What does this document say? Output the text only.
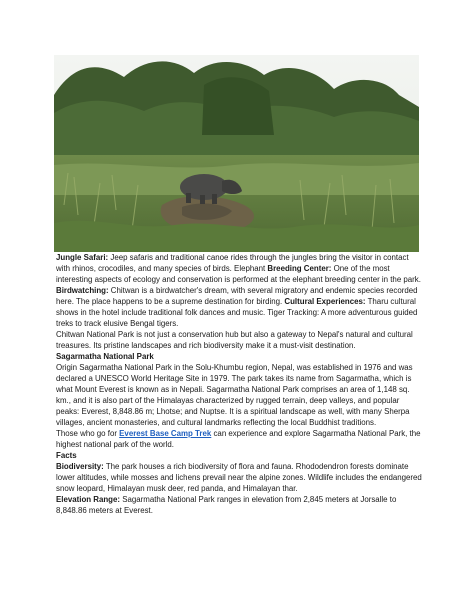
Jungle Safari: Jeep safaris and traditional canoe rides through the jungles bring the visitor in contact with rhinos, crocodiles, and many species of birds. Elephant Breeding Center: One of the most interesting aspects of ecology and conservation is performed at the elephant breeding center in the park.

Birdwatching: Chitwan is a birdwatcher's dream, with several migratory and endemic species recorded here. The place happens to be a supreme destination for birding. Cultural Experiences: Tharu cultural shows in the hotel include traditional folk dances and music. Tiger Tracking: A more adventurous guided treks to track elusive Bengal tigers.

Chitwan National Park is not just a conservation hub but also a gateway to Nepal's natural and cultural treasures. Its pristine landscapes and rich biodiversity make it a must-visit destination.

Sagarmatha National Park

Origin Sagarmatha National Park in the Solu-Khumbu region, Nepal, was established in 1976 and was declared a UNESCO World Heritage Site in 1979. The park takes its name from Sagarmatha, which is what Mount Everest is known as in Nepali. Sagarmatha National Park comprises an area of 1,148 sq. km., and it is also part of the Himalayas characterized by rugged terrain, deep valleys, and popular peaks: Everest, 8,848.86 m; Lhotse; and Nuptse. It is a spiritual landscape as well, with many Sherpa villages, ancient monasteries, and cultural landmarks reflecting the local Buddhist traditions.

Those who go for Everest Base Camp Trek can experience and explore Sagarmatha National Park, the highest national park of the world.

Facts

Biodiversity: The park houses a rich biodiversity of flora and fauna. Rhododendron forests dominate lower altitudes, while mosses and lichens prevail near the alpine zones. Wildlife includes the endangered snow leopard, Himalayan musk deer, red panda, and Himalayan thar.

Elevation Range: Sagarmatha National Park ranges in elevation from 2,845 meters at Jorsalle to 8,848.86 meters at Everest.
